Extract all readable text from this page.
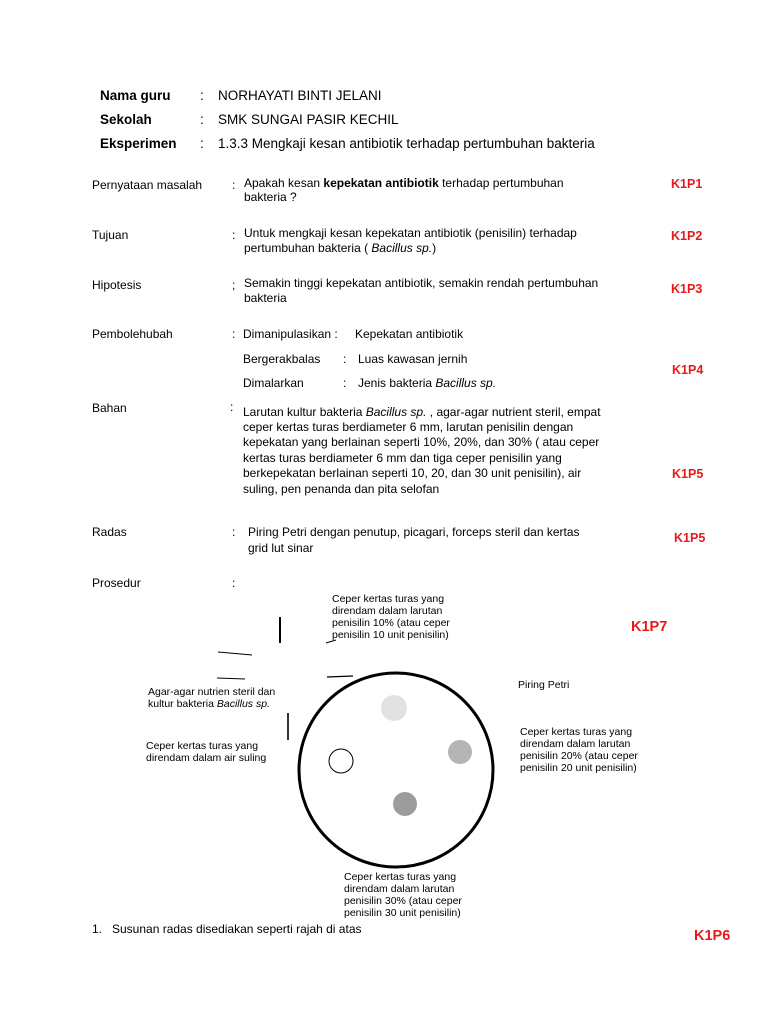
Nama guru : NORHAYATI BINTI JELANI
Sekolah	: SMK SUNGAI PASIR KECHIL
Eksperimen : 1.3.3 Mengkaji kesan antibiotik terhadap pertumbuhan bakteria
Pernyataan masalah : Apakah kesan kepekatan antibiotik terhadap pertumbuhan
bakteria ?
K1P1
Tujuan	: Untuk mengkaji kesan kepekatan antibiotik (penisilin) terhadap
pertumbuhan bakteria ( Bacillus sp.)
K1P2
Hipotesis	; Semakin tinggi kepekatan antibiotik, semakin rendah pertumbuhan
bakteria
K1P3
Pembolehubah	: Dimanipulasikan : Kepekatan antibiotik
Bergerakbalas : Luas kawasan jernih
Dimalarkan	: Jenis bakteria Bacillus sp.
K1P4
Bahan	: Larutan kultur bakteria Bacillus sp. , agar-agar nutrient steril, empat
ceper kertas turas berdiameter 6 mm, larutan penisilin dengan
kepekatan yang berlainan seperti 10%, 20%, dan 30% ( atau ceper
kertas turas berdiameter 6 mm dan tiga ceper penisilin yang
berkepekatan berlainan seperti 10, 20, dan 30 unit penisilin), air
suling, pen penanda dan pita selofan
K1P5
Radas	: Piring Petri dengan penutup, picagari, forceps steril dan kertas
grid lut sinar
K1P5
Prosedur	:
K1P7
Ceper kertas turas yang
direndam dalam larutan
penisilin 10% (atau ceper
penisilin 10 unit penisilin)
Piring Petri
Agar-agar nutrien steril dan
kultur bakteria Bacillus sp.
Ceper kertas turas yang
direndam dalam air suling
Ceper kertas turas yang
direndam dalam larutan
penisilin 20% (atau ceper
penisilin 20 unit penisilin)
Ceper kertas turas yang
direndam dalam larutan
penisilin 30% (atau ceper
penisilin 30 unit penisilin)
1. Susunan radas disediakan seperti rajah di atas	K1P6
